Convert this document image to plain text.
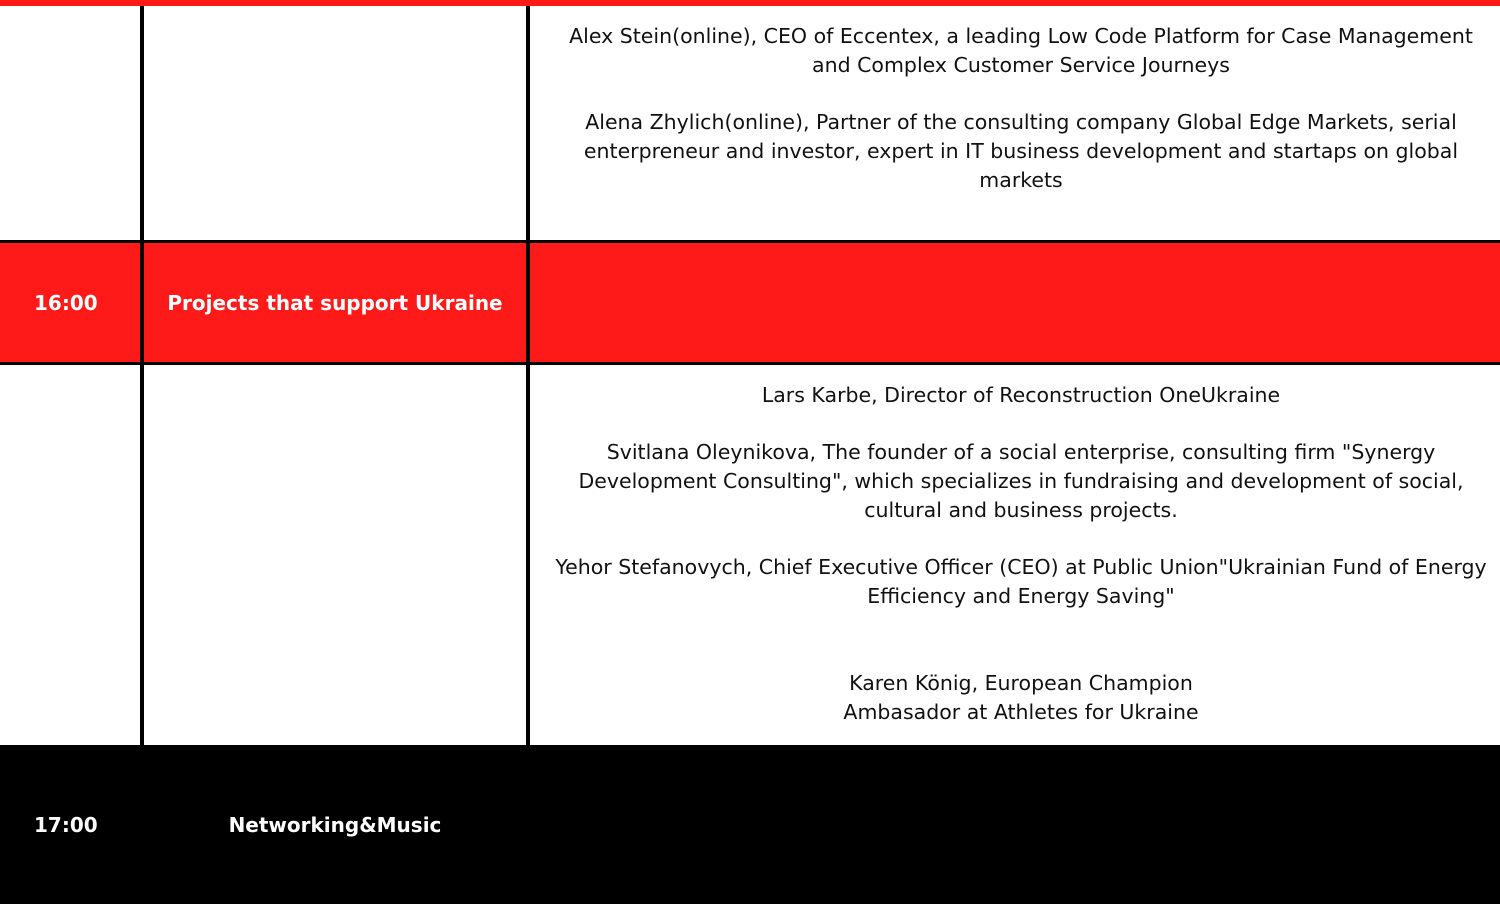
Alex Stein(online), CEO of Eccentex, a leading Low Code Platform for Case Management and Complex Customer Service Journeys

Alena Zhylich(online), Partner of the consulting company Global Edge Markets, serial enterpreneur and investor, expert in IT business development and startaps on global markets

16:00	Projects that support Ukraine

Lars Karbe, Director of Reconstruction OneUkraine

Svitlana Oleynikova, The founder of a social enterprise, consulting firm "Synergy Development Consulting", which specializes in fundraising and development of social, cultural and business projects.

Yehor Stefanovych, Chief Executive Officer (CEO) at Public Union"Ukrainian Fund of Energy Efficiency and Energy Saving"

Karen König, European Champion
Ambasador at Athletes for Ukraine

17:00	Networking&Music
